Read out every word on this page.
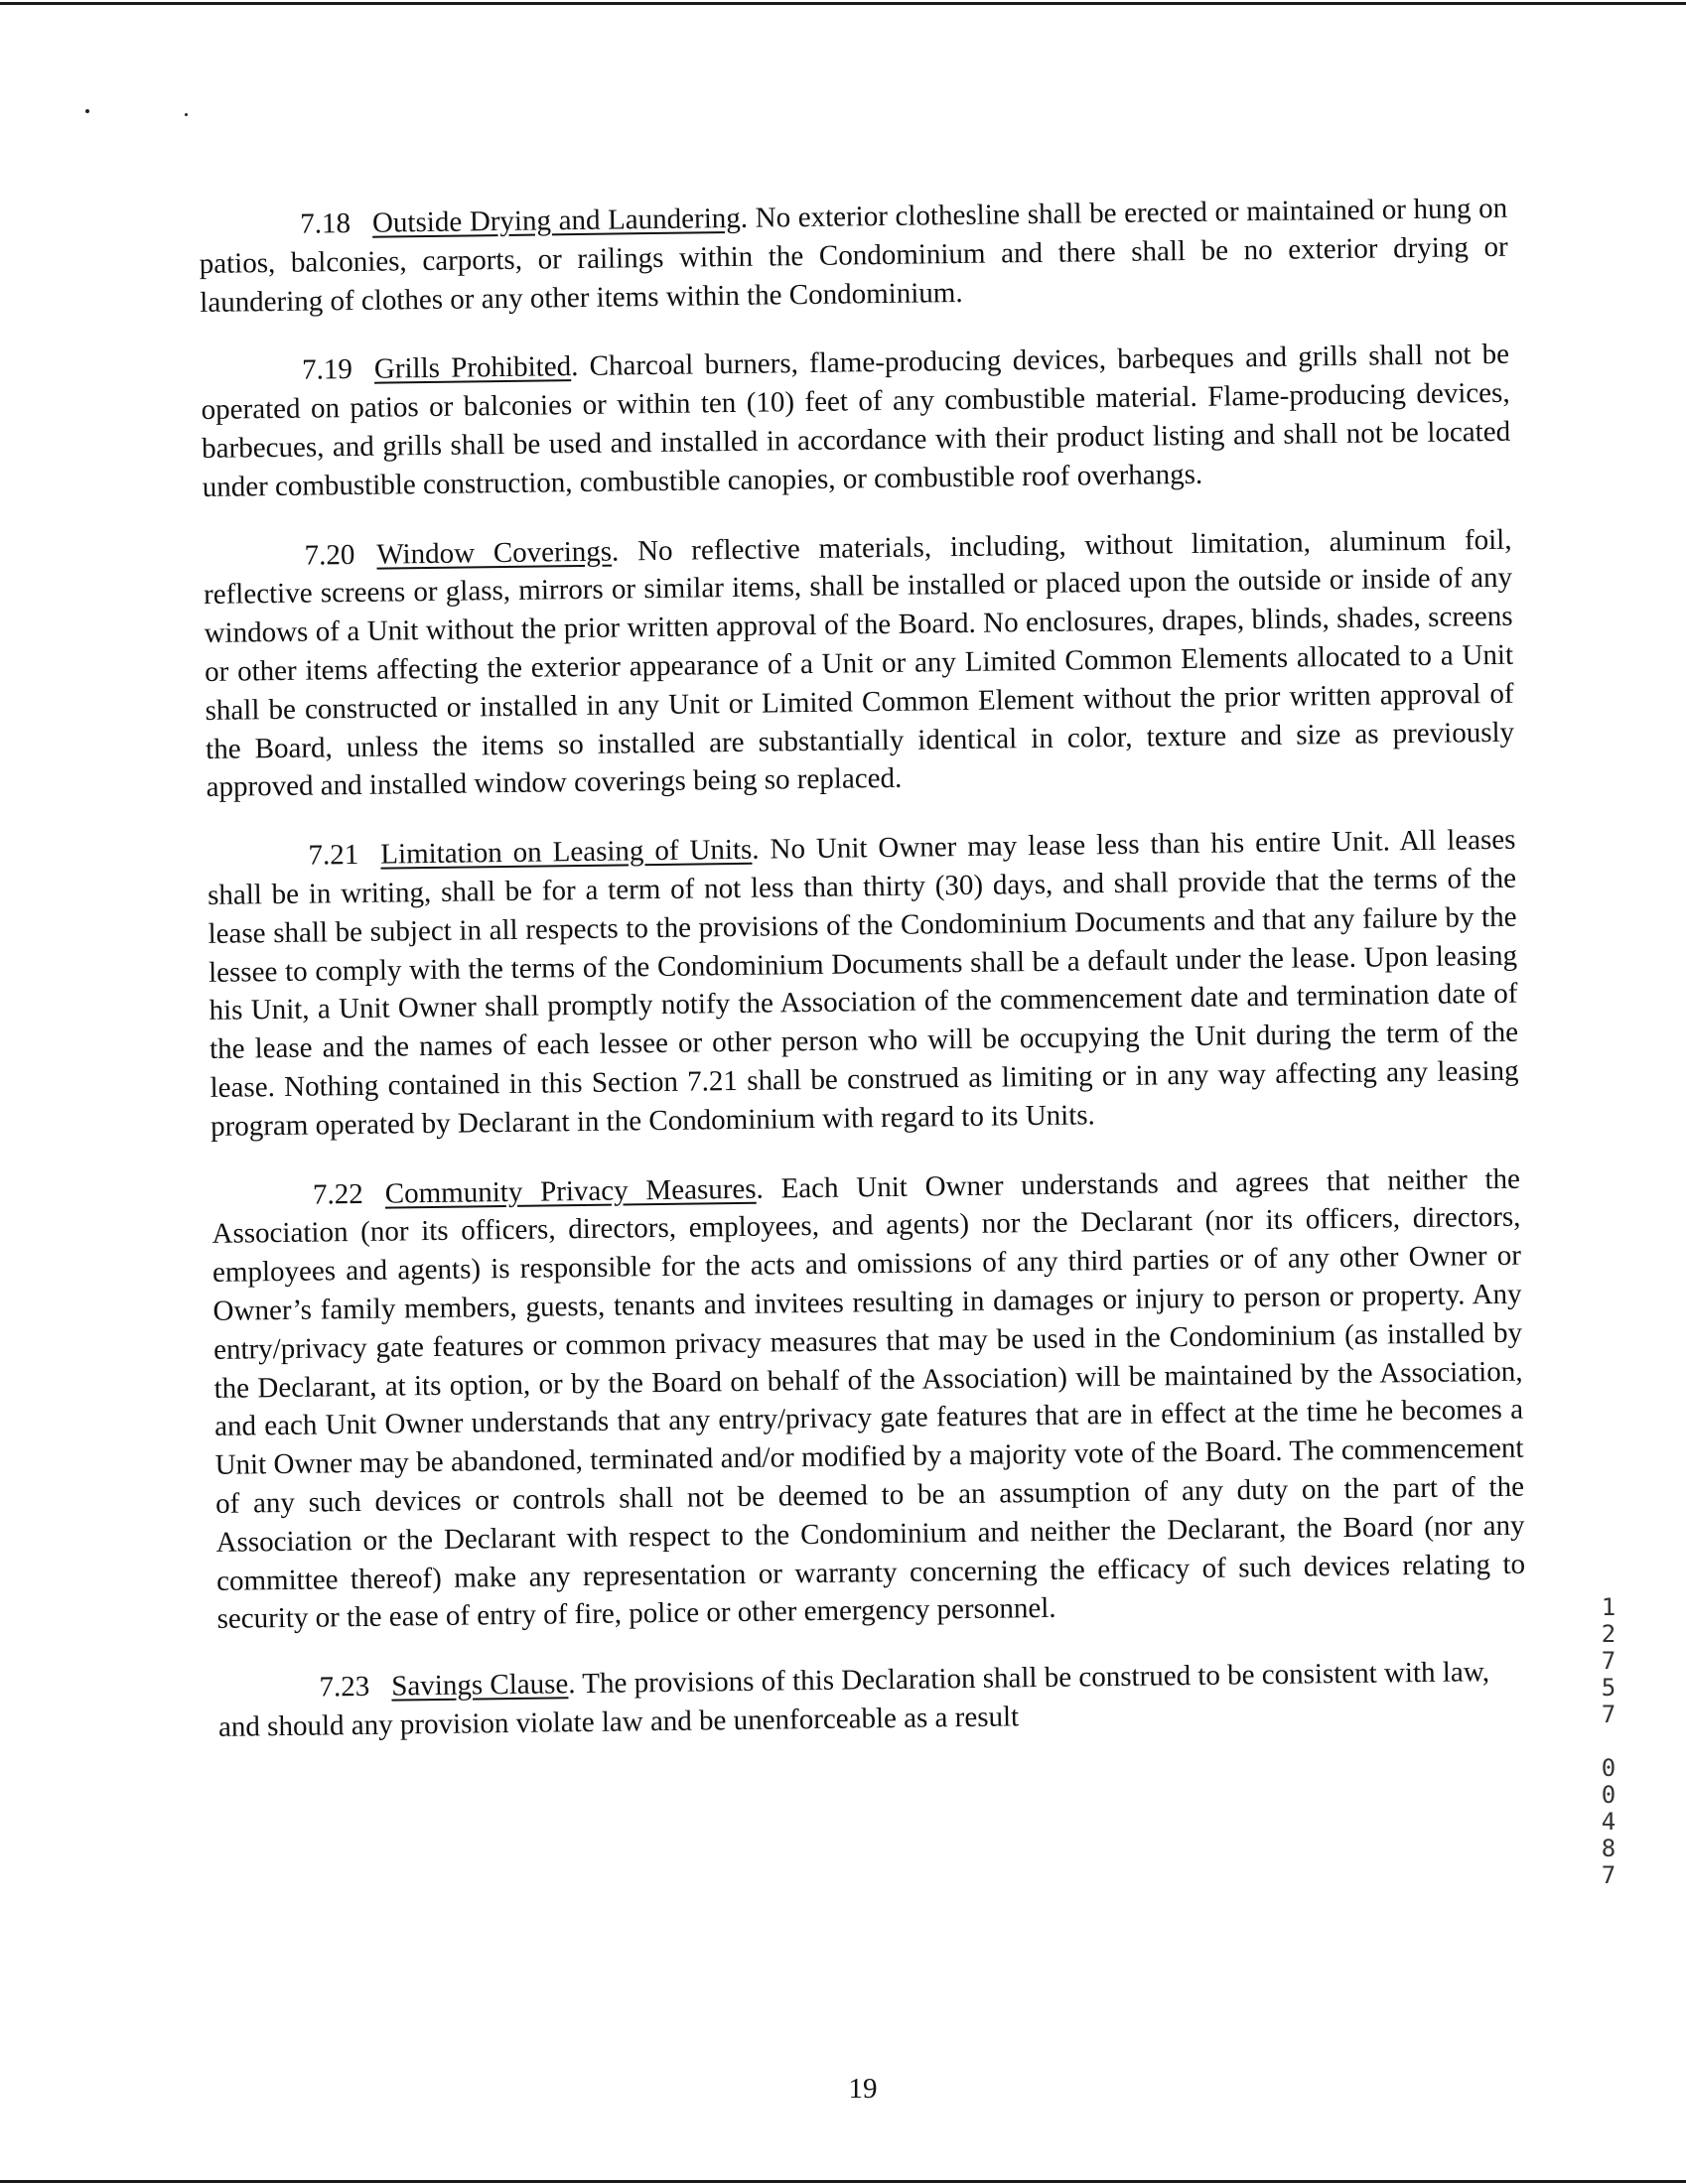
7.18 Outside Drying and Laundering. No exterior clothesline shall be erected or maintained or hung on patios, balconies, carports, or railings within the Condominium and there shall be no exterior drying or laundering of clothes or any other items within the Condominium.

7.19 Grills Prohibited. Charcoal burners, flame-producing devices, barbeques and grills shall not be operated on patios or balconies or within ten (10) feet of any combustible material. Flame-producing devices, barbecues, and grills shall be used and installed in accordance with their product listing and shall not be located under combustible construction, combustible canopies, or combustible roof overhangs.

7.20 Window Coverings. No reflective materials, including, without limitation, aluminum foil, reflective screens or glass, mirrors or similar items, shall be installed or placed upon the outside or inside of any windows of a Unit without the prior written approval of the Board. No enclosures, drapes, blinds, shades, screens or other items affecting the exterior appearance of a Unit or any Limited Common Elements allocated to a Unit shall be constructed or installed in any Unit or Limited Common Element without the prior written approval of the Board, unless the items so installed are substantially identical in color, texture and size as previously approved and installed window coverings being so replaced.

7.21 Limitation on Leasing of Units. No Unit Owner may lease less than his entire Unit. All leases shall be in writing, shall be for a term of not less than thirty (30) days, and shall provide that the terms of the lease shall be subject in all respects to the provisions of the Condominium Documents and that any failure by the lessee to comply with the terms of the Condominium Documents shall be a default under the lease. Upon leasing his Unit, a Unit Owner shall promptly notify the Association of the commencement date and termination date of the lease and the names of each lessee or other person who will be occupying the Unit during the term of the lease. Nothing contained in this Section 7.21 shall be construed as limiting or in any way affecting any leasing program operated by Declarant in the Condominium with regard to its Units.

7.22 Community Privacy Measures. Each Unit Owner understands and agrees that neither the Association (nor its officers, directors, employees, and agents) nor the Declarant (nor its officers, directors, employees and agents) is responsible for the acts and omissions of any third parties or of any other Owner or Owner’s family members, guests, tenants and invitees resulting in damages or injury to person or property. Any entry/privacy gate features or common privacy measures that may be used in the Condominium (as installed by the Declarant, at its option, or by the Board on behalf of the Association) will be maintained by the Association, and each Unit Owner understands that any entry/privacy gate features that are in effect at the time he becomes a Unit Owner may be abandoned, terminated and/or modified by a majority vote of the Board. The commencement of any such devices or controls shall not be deemed to be an assumption of any duty on the part of the Association or the Declarant with respect to the Condominium and neither the Declarant, the Board (nor any committee thereof) make any representation or warranty concerning the efficacy of such devices relating to security or the ease of entry of fire, police or other emergency personnel.

7.23 Savings Clause. The provisions of this Declaration shall be construed to be consistent with law, and should any provision violate law and be unenforceable as a result

1
2
7
5
7
0
0
4
8
7
19
